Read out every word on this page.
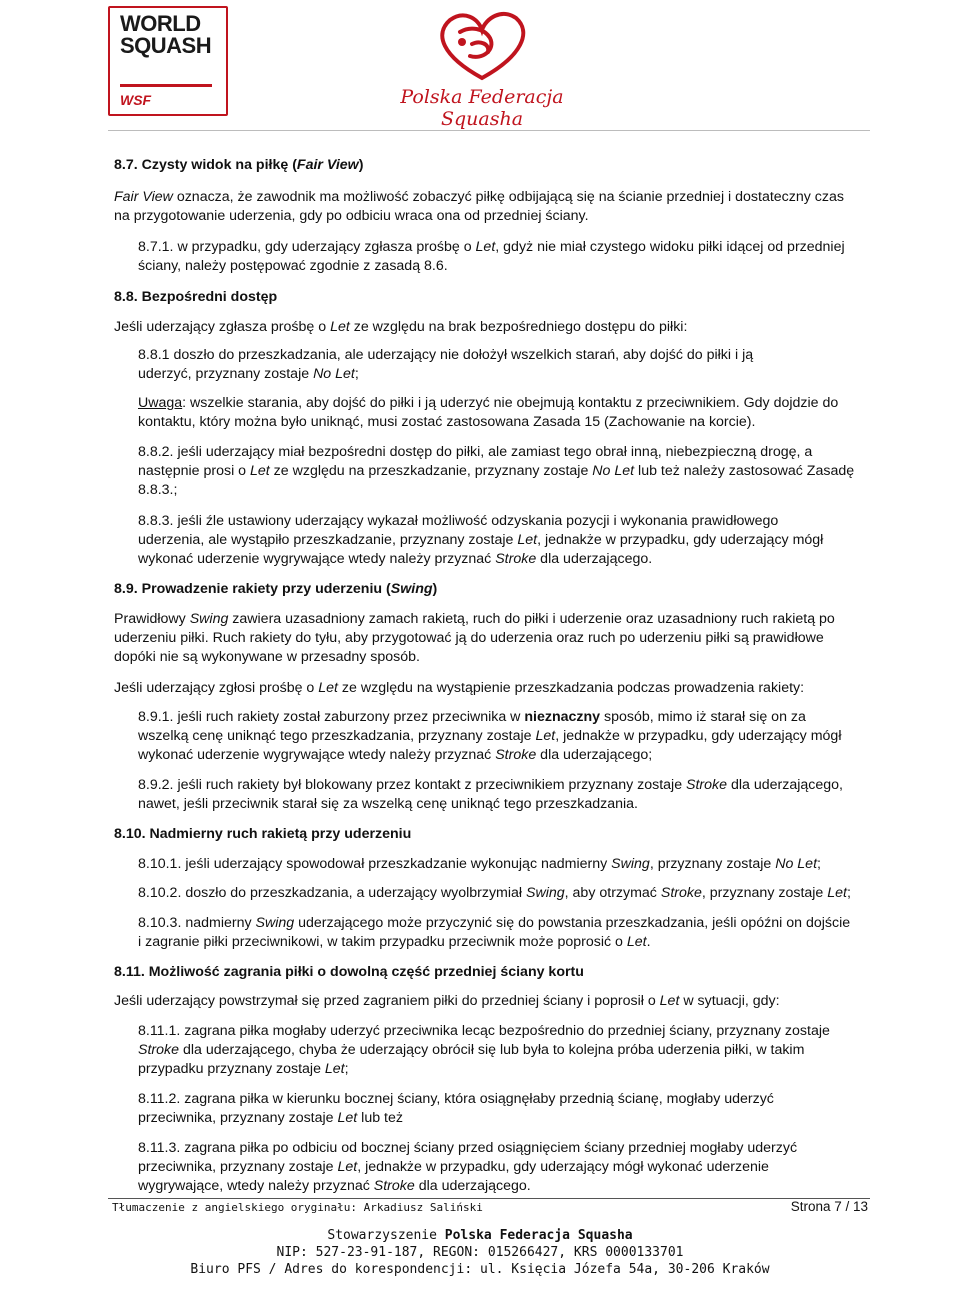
WORLD
SQUASH
WSF	Polska Federacja Squasha
8.7. Czysty widok na piłkę (Fair View)
Fair View oznacza, że zawodnik ma możliwość zobaczyć piłkę odbijającą się na ścianie przedniej i dostateczny czas
na przygotowanie uderzenia, gdy po odbiciu wraca ona od przedniej ściany.
8.7.1. w przypadku, gdy uderzający zgłasza prośbę o Let, gdyż nie miał czystego widoku piłki idącej od przedniej
ściany, należy postępować zgodnie z zasadą 8.6.
8.8. Bezpośredni dostęp
Jeśli uderzający zgłasza prośbę o Let ze względu na brak bezpośredniego dostępu do piłki:
8.8.1 doszło do przeszkadzania, ale uderzający nie dołożył wszelkich starań, aby dojść do piłki i ją
uderzyć, przyznany zostaje No Let;
Uwaga: wszelkie starania, aby dojść do piłki i ją uderzyć nie obejmują kontaktu z przeciwnikiem. Gdy dojdzie do
kontaktu, który można było uniknąć, musi zostać zastosowana Zasada 15 (Zachowanie na korcie).
8.8.2. jeśli uderzający miał bezpośredni dostęp do piłki, ale zamiast tego obrał inną, niebezpieczną drogę, a
następnie prosi o Let ze względu na przeszkadzanie, przyznany zostaje No Let lub też należy zastosować Zasadę
8.8.3.;
8.8.3. jeśli źle ustawiony uderzający wykazał możliwość odzyskania pozycji i wykonania prawidłowego
uderzenia, ale wystąpiło przeszkadzanie, przyznany zostaje Let, jednakże w przypadku, gdy uderzający mógł
wykonać uderzenie wygrywające wtedy należy przyznać Stroke dla uderzającego.
8.9. Prowadzenie rakiety przy uderzeniu (Swing)
Prawidłowy Swing zawiera uzasadniony zamach rakietą, ruch do piłki i uderzenie oraz uzasadniony ruch rakietą po
uderzeniu piłki. Ruch rakiety do tyłu, aby przygotować ją do uderzenia oraz ruch po uderzeniu piłki są prawidłowe
dopóki nie są wykonywane w przesadny sposób.
Jeśli uderzający zgłosi prośbę o Let ze względu na wystąpienie przeszkadzania podczas prowadzenia rakiety:
8.9.1. jeśli ruch rakiety został zaburzony przez przeciwnika w nieznaczny sposób, mimo iż starał się on za
wszelką cenę uniknąć tego przeszkadzania, przyznany zostaje Let, jednakże w przypadku, gdy uderzający mógł
wykonać uderzenie wygrywające wtedy należy przyznać Stroke dla uderzającego;
8.9.2. jeśli ruch rakiety był blokowany przez kontakt z przeciwnikiem przyznany zostaje Stroke dla uderzającego,
nawet, jeśli przeciwnik starał się za wszelką cenę uniknąć tego przeszkadzania.
8.10. Nadmierny ruch rakietą przy uderzeniu
8.10.1. jeśli uderzający spowodował przeszkadzanie wykonując nadmierny Swing, przyznany zostaje No Let;
8.10.2. doszło do przeszkadzania, a uderzający wyolbrzymiał Swing, aby otrzymać Stroke, przyznany zostaje Let;
8.10.3. nadmierny Swing uderzającego może przyczynić się do powstania przeszkadzania, jeśli opóźni on dojście
i zagranie piłki przeciwnikowi, w takim przypadku przeciwnik może poprosić o Let.
8.11. Możliwość zagrania piłki o dowolną część przedniej ściany kortu
Jeśli uderzający powstrzymał się przed zagraniem piłki do przedniej ściany i poprosił o Let w sytuacji, gdy:
8.11.1. zagrana piłka mogłaby uderzyć przeciwnika lecąc bezpośrednio do przedniej ściany, przyznany zostaje
Stroke dla uderzającego, chyba że uderzający obrócił się lub była to kolejna próba uderzenia piłki, w takim
przypadku przyznany zostaje Let;
8.11.2. zagrana piłka w kierunku bocznej ściany, która osiągnęłaby przednią ścianę, mogłaby uderzyć
przeciwnika, przyznany zostaje Let lub też
8.11.3. zagrana piłka po odbiciu od bocznej ściany przed osiągnięciem ściany przedniej mogłaby uderzyć
przeciwnika, przyznany zostaje Let, jednakże w przypadku, gdy uderzający mógł wykonać uderzenie
wygrywające, wtedy należy przyznać Stroke dla uderzającego.
Tłumaczenie z angielskiego oryginału: Arkadiusz Saliński	Strona 7 / 13
Stowarzyszenie Polska Federacja Squasha
NIP: 527-23-91-187, REGON: 015266427, KRS 0000133701
Biuro PFS / Adres do korespondencji: ul. Księcia Józefa 54a, 30-206 Kraków
